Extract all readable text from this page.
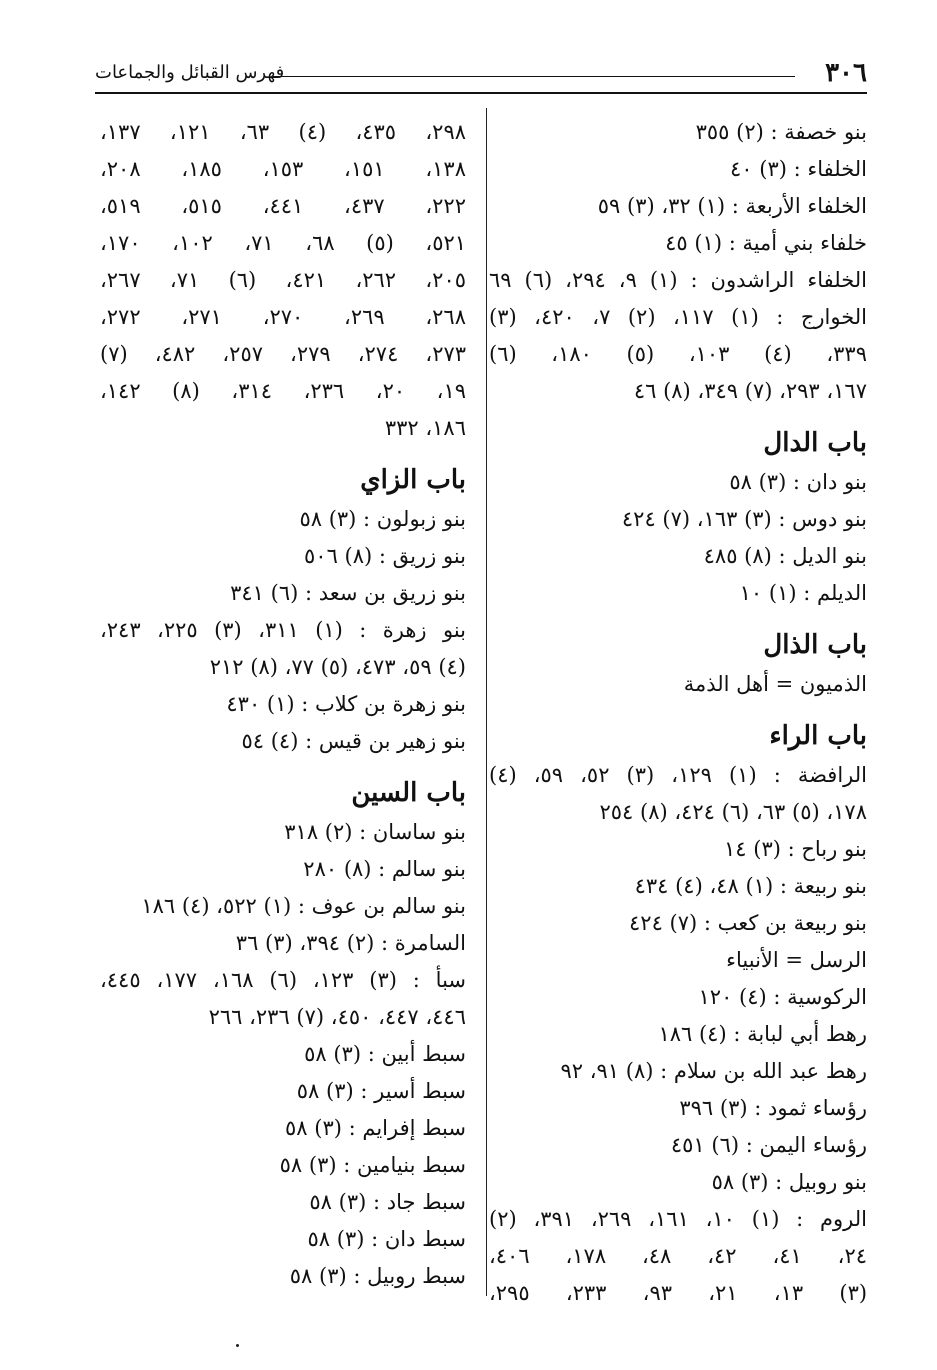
٣٠٦
فهرس القبائل والجماعات
بنو خصفة : (٢) ٣٥٥
الخلفاء : (٣) ٤٠
الخلفاء الأربعة : (١) ٣٢، (٣) ٥٩
خلفاء بني أمية : (١) ٤٥
الخلفاء الراشدون : (١) ٩، ٢٩٤، (٦) ٦٩
الخوارج : (١) ١١٧، (٢) ٧، ٤٢٠، (٣)
٣٣٩، (٤) ١٠٣، (٥) ١٨٠، (٦)
١٦٧، ٢٩٣، (٧) ٣٤٩، (٨) ٤٦
باب الدال
بنو دان : (٣) ٥٨
بنو دوس : (٣) ١٦٣، (٧) ٤٢٤
بنو الديل : (٨) ٤٨٥
الديلم : (١) ١٠
باب الذال
الذميون = أهل الذمة
باب الراء
الرافضة : (١) ١٢٩، (٣) ٥٢، ٥٩، (٤)
١٧٨، (٥) ٦٣، (٦) ٤٢٤، (٨) ٢٥٤
بنو رباح : (٣) ١٤
بنو ربيعة : (١) ٤٨، (٤) ٤٣٤
بنو ربيعة بن كعب : (٧) ٤٢٤
الرسل = الأنبياء
الركوسية : (٤) ١٢٠
رهط أبي لبابة : (٤) ١٨٦
رهط عبد الله بن سلام : (٨) ٩١، ٩٢
رؤساء ثمود : (٣) ٣٩٦
رؤساء اليمن : (٦) ٤٥١
بنو روبيل : (٣) ٥٨
الروم : (١) ١٠، ١٦١، ٢٦٩، ٣٩١، (٢)
٢٤، ٤١، ٤٢، ٤٨، ١٧٨، ٤٠٦،
(٣) ١٣، ٢١، ٩٣، ٢٣٣، ٢٩٥،
٢٩٨، ٤٣٥، (٤) ٦٣، ١٢١، ١٣٧،
١٣٨، ١٥١، ١٥٣، ١٨٥، ٢٠٨،
٢٢٢، ٤٣٧، ٤٤١، ٥١٥، ٥١٩،
٥٢١، (٥) ٦٨، ٧١، ١٠٢، ١٧٠،
٢٠٥، ٢٦٢، ٤٢١، (٦) ٧١، ٢٦٧،
٢٦٨، ٢٦٩، ٢٧٠، ٢٧١، ٢٧٢،
٢٧٣، ٢٧٤، ٢٧٩، ٢٥٧، ٤٨٢، (٧)
١٩، ٢٠، ٢٣٦، ٣١٤، (٨) ١٤٢،
١٨٦، ٣٣٢
باب الزاي
بنو زبولون : (٣) ٥٨
بنو زريق : (٨) ٥٠٦
بنو زريق بن سعد : (٦) ٣٤١
بنو زهرة : (١) ٣١١، (٣) ٢٢٥، ٢٤٣،
(٤) ٥٩، ٤٧٣، (٥) ٧٧، (٨) ٢١٢
بنو زهرة بن كلاب : (١) ٤٣٠
بنو زهير بن قيس : (٤) ٥٤
باب السين
بنو ساسان : (٢) ٣١٨
بنو سالم : (٨) ٢٨٠
بنو سالم بن عوف : (١) ٥٢٢، (٤) ١٨٦
السامرة : (٢) ٣٩٤، (٣) ٣٦
سبأ : (٣) ١٢٣، (٦) ١٦٨، ١٧٧، ٤٤٥،
٤٤٦، ٤٤٧، ٤٥٠، (٧) ٢٣٦، ٢٦٦
سبط أبين : (٣) ٥٨
سبط أسير : (٣) ٥٨
سبط إفرايم : (٣) ٥٨
سبط بنيامين : (٣) ٥٨
سبط جاد : (٣) ٥٨
سبط دان : (٣) ٥٨
سبط روبيل : (٣) ٥٨
